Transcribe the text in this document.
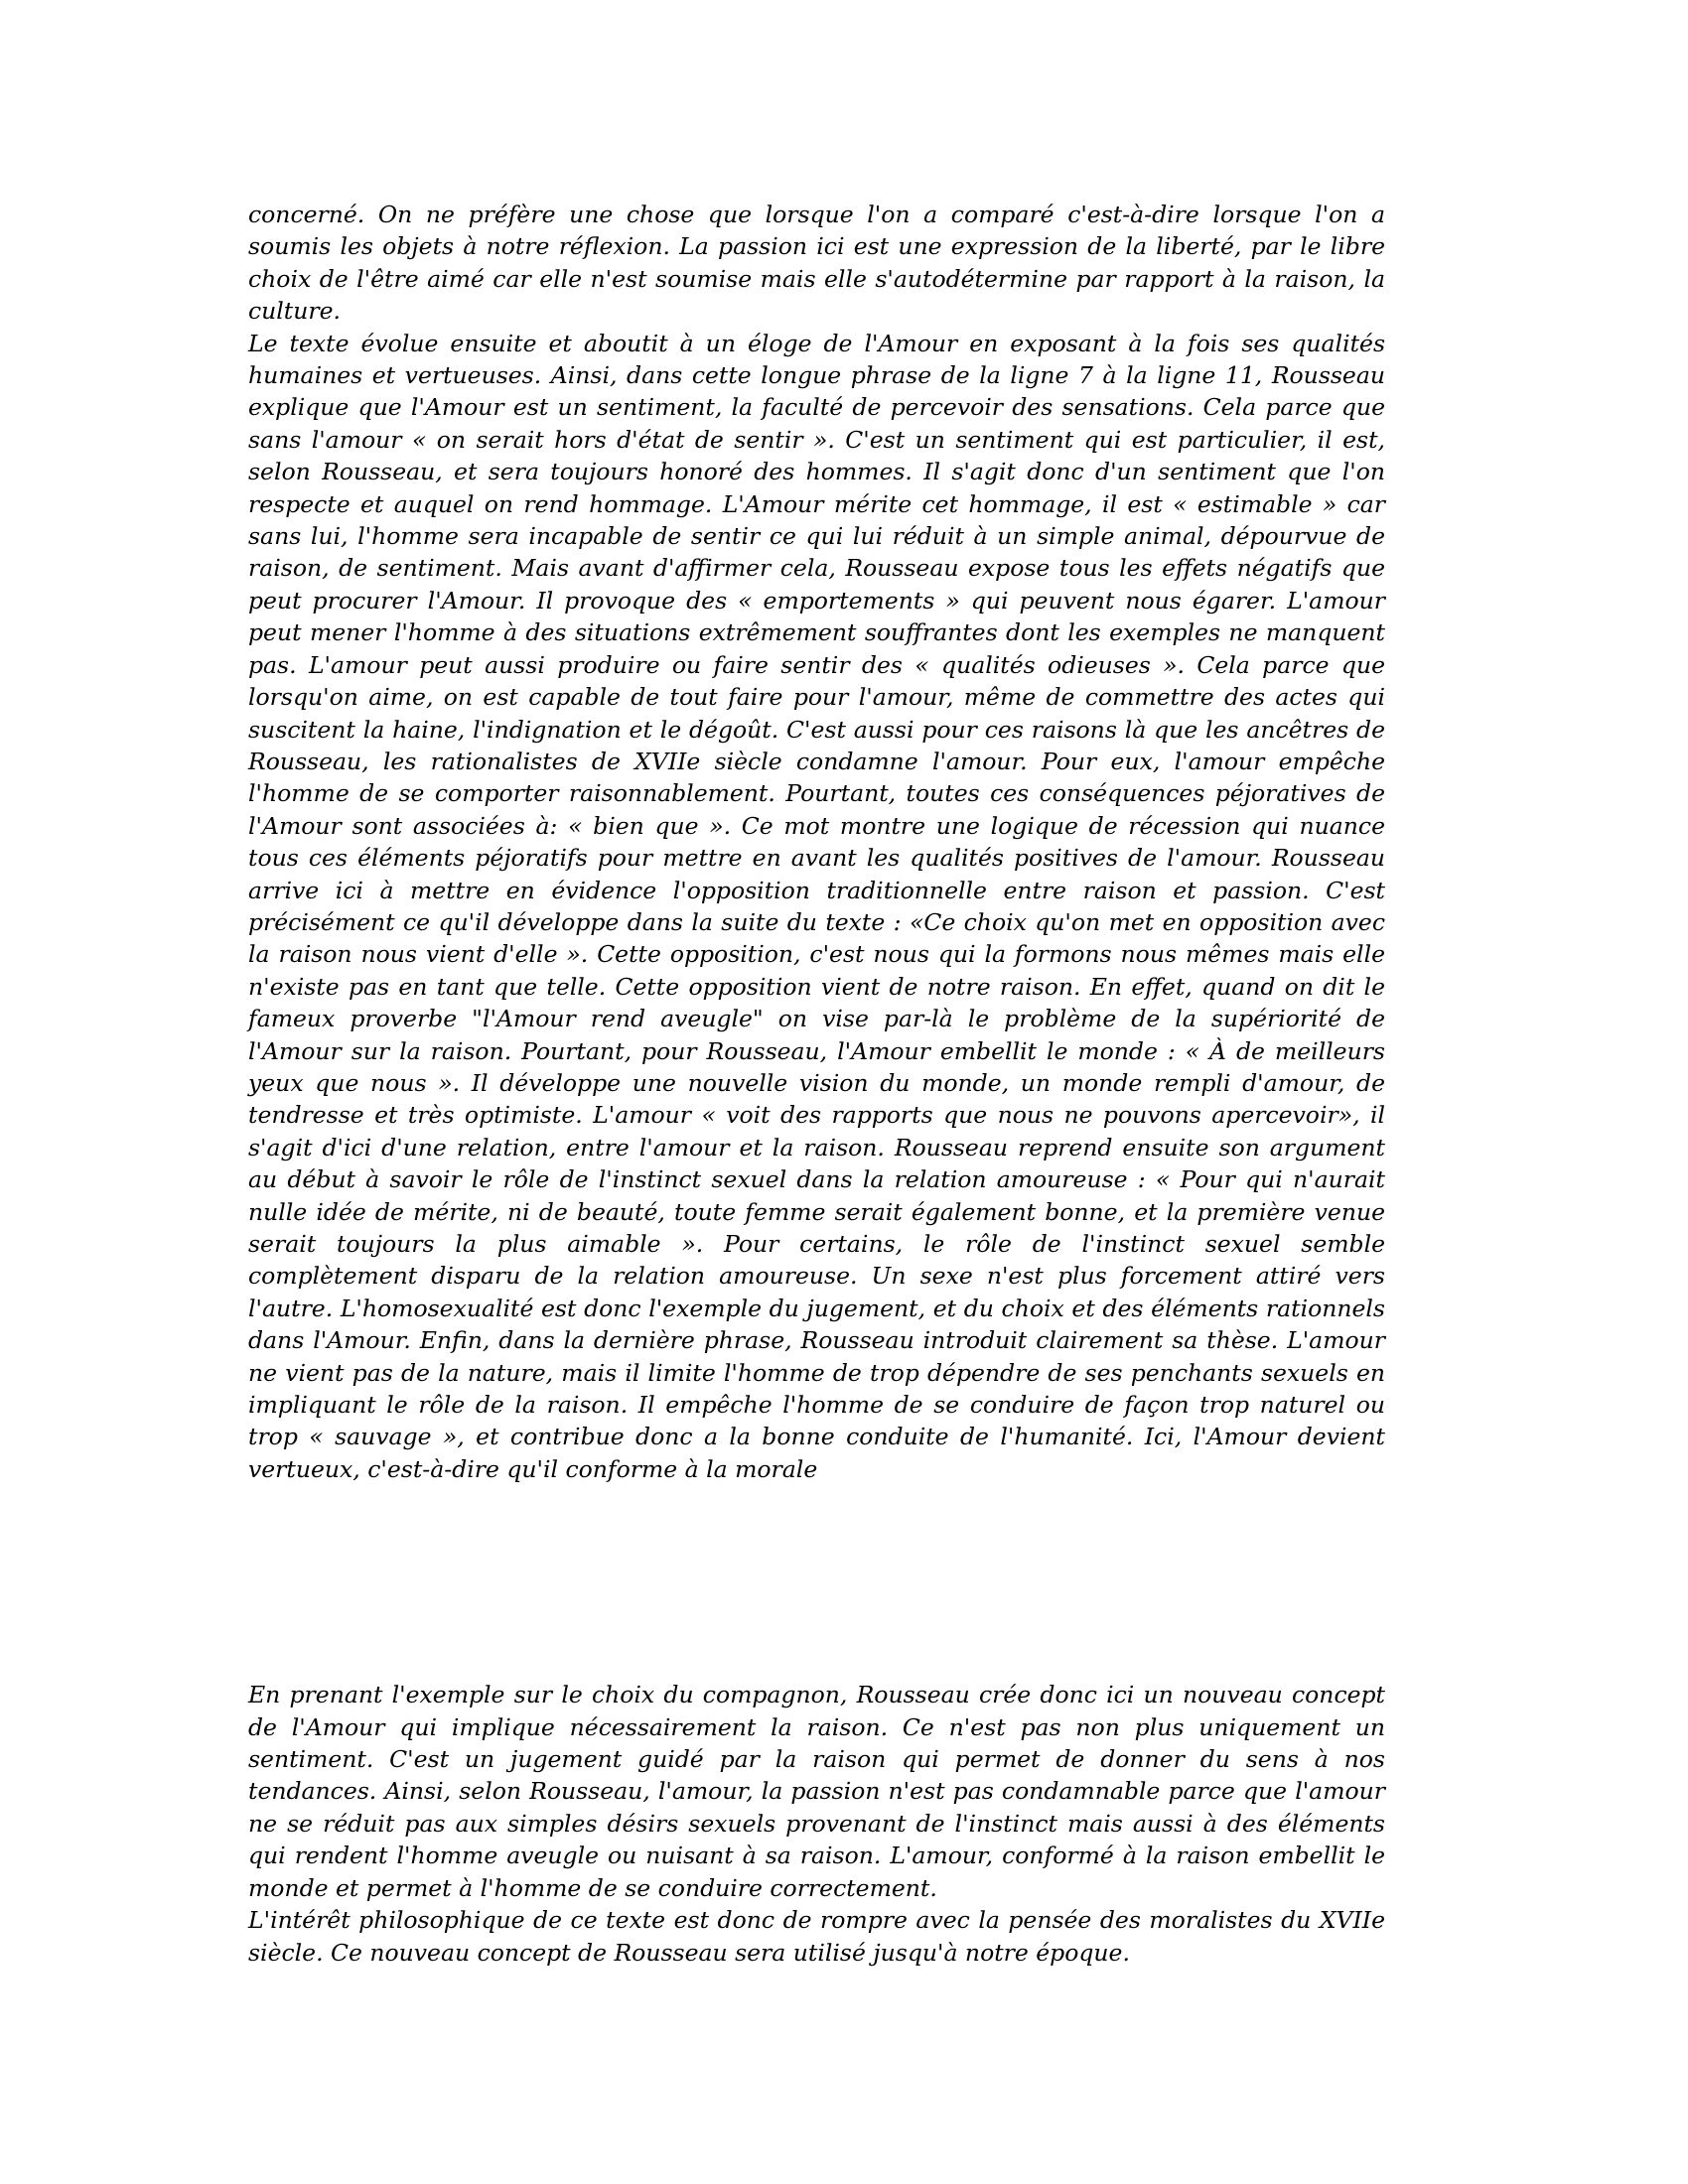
concerné. On ne préfère une chose que lorsque l'on a comparé c'est-à-dire lorsque l'on a soumis les objets à notre réflexion. La passion ici est une expression de la liberté, par le libre choix de l'être aimé car elle n'est soumise mais elle s'autodétermine par rapport à la raison, la culture.

Le texte évolue ensuite et aboutit à un éloge de l'Amour en exposant à la fois ses qualités humaines et vertueuses. Ainsi, dans cette longue phrase de la ligne 7 à la ligne 11, Rousseau explique que l'Amour est un sentiment, la faculté de percevoir des sensations. Cela parce que sans l'amour « on serait hors d'état de sentir ». C'est un sentiment qui est particulier, il est, selon Rousseau, et sera toujours honoré des hommes. Il s'agit donc d'un sentiment que l'on respecte et auquel on rend hommage. L'Amour mérite cet hommage, il est « estimable » car sans lui, l'homme sera incapable de sentir ce qui lui réduit à un simple animal, dépourvue de raison, de sentiment. Mais avant d'affirmer cela, Rousseau expose tous les effets négatifs que peut procurer l'Amour. Il provoque des « emportements » qui peuvent nous égarer. L'amour peut mener l'homme à des situations extrêmement souffrantes dont les exemples ne manquent pas. L'amour peut aussi produire ou faire sentir des « qualités odieuses ». Cela parce que lorsqu'on aime, on est capable de tout faire pour l'amour, même de commettre des actes qui suscitent la haine, l'indignation et le dégoût. C'est aussi pour ces raisons là que les ancêtres de Rousseau, les rationalistes de XVIIe siècle condamne l'amour. Pour eux, l'amour empêche l'homme de se comporter raisonnablement. Pourtant, toutes ces conséquences péjoratives de l'Amour sont associées à: « bien que ». Ce mot montre une logique de récession qui nuance tous ces éléments péjoratifs pour mettre en avant les qualités positives de l'amour. Rousseau arrive ici à mettre en évidence l'opposition traditionnelle entre raison et passion. C'est précisément ce qu'il développe dans la suite du texte : «Ce choix qu'on met en opposition avec la raison nous vient d'elle ». Cette opposition, c'est nous qui la formons nous mêmes mais elle n'existe pas en tant que telle. Cette opposition vient de notre raison. En effet, quand on dit le fameux proverbe "l'Amour rend aveugle" on vise par-là le problème de la supériorité de l'Amour sur la raison. Pourtant, pour Rousseau, l'Amour embellit le monde : « À de meilleurs yeux que nous ». Il développe une nouvelle vision du monde, un monde rempli d'amour, de tendresse et très optimiste. L'amour « voit des rapports que nous ne pouvons apercevoir», il s'agit d'ici d'une relation, entre l'amour et la raison. Rousseau reprend ensuite son argument au début à savoir le rôle de l'instinct sexuel dans la relation amoureuse : « Pour qui n'aurait nulle idée de mérite, ni de beauté, toute femme serait également bonne, et la première venue serait toujours la plus aimable ». Pour certains, le rôle de l'instinct sexuel semble complètement disparu de la relation amoureuse. Un sexe n'est plus forcement attiré vers l'autre. L'homosexualité est donc l'exemple du jugement, et du choix et des éléments rationnels dans l'Amour. Enfin, dans la dernière phrase, Rousseau introduit clairement sa thèse. L'amour ne vient pas de la nature, mais il limite l'homme de trop dépendre de ses penchants sexuels en impliquant le rôle de la raison. Il empêche l'homme de se conduire de façon trop naturel ou trop « sauvage », et contribue donc a la bonne conduite de l'humanité. Ici, l'Amour devient vertueux, c'est-à-dire qu'il conforme à la morale

En prenant l'exemple sur le choix du compagnon, Rousseau crée donc ici un nouveau concept de l'Amour qui implique nécessairement la raison. Ce n'est pas non plus uniquement un sentiment. C'est un jugement guidé par la raison qui permet de donner du sens à nos tendances. Ainsi, selon Rousseau, l'amour, la passion n'est pas condamnable parce que l'amour ne se réduit pas aux simples désirs sexuels provenant de l'instinct mais aussi à des éléments qui rendent l'homme aveugle ou nuisant à sa raison. L'amour, conformé à la raison embellit le monde et permet à l'homme de se conduire correctement.

L'intérêt philosophique de ce texte est donc de rompre avec la pensée des moralistes du XVIIe siècle. Ce nouveau concept de Rousseau sera utilisé jusqu'à notre époque.
